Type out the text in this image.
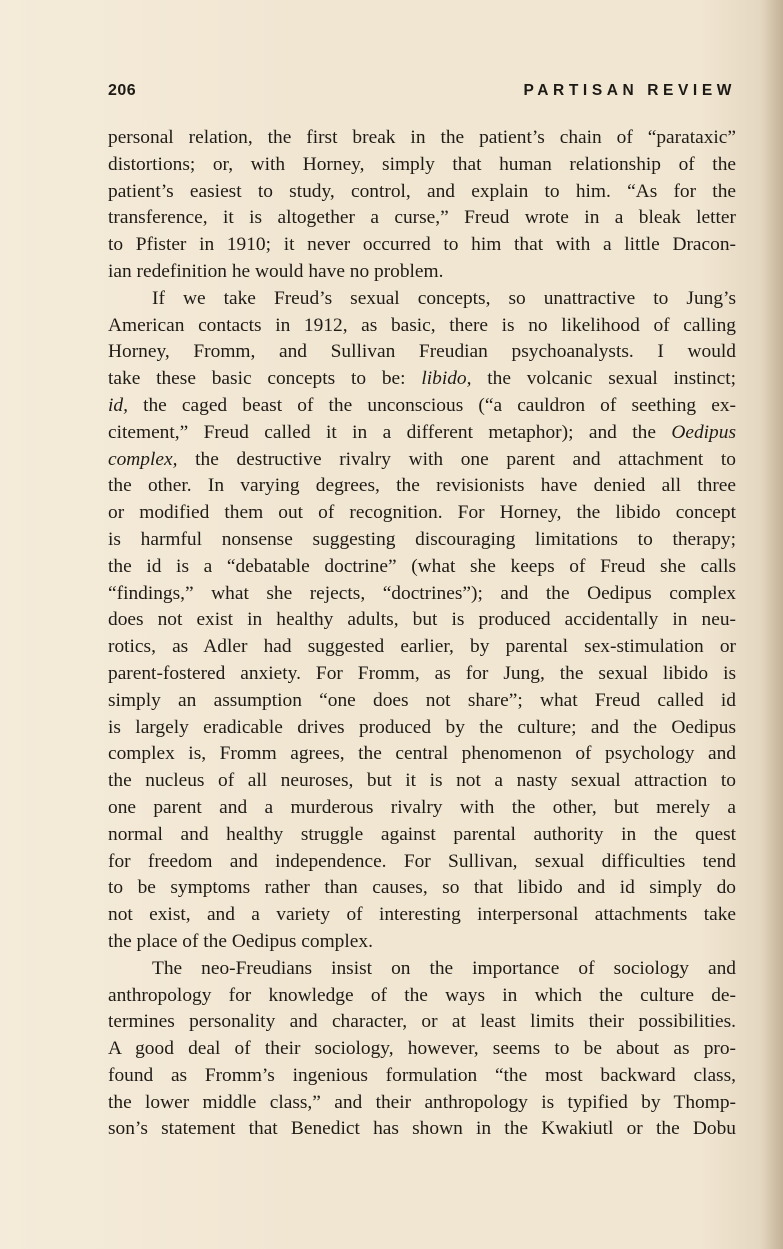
206	PARTISAN REVIEW
personal relation, the first break in the patient’s chain of “parataxic”
distortions; or, with Horney, simply that human relationship of the
patient’s easiest to study, control, and explain to him. “As for the
transference, it is altogether a curse,” Freud wrote in a bleak letter
to Pfister in 1910; it never occurred to him that with a little Dracon-
ian redefinition he would have no problem.
If we take Freud’s sexual concepts, so unattractive to Jung’s
American contacts in 1912, as basic, there is no likelihood of calling
Horney, Fromm, and Sullivan Freudian psychoanalysts. I would
take these basic concepts to be: libido, the volcanic sexual instinct;
id, the caged beast of the unconscious (“a cauldron of seething ex-
citement,” Freud called it in a different metaphor); and the Oedipus
complex, the destructive rivalry with one parent and attachment to
the other. In varying degrees, the revisionists have denied all three
or modified them out of recognition. For Horney, the libido concept
is harmful nonsense suggesting discouraging limitations to therapy;
the id is a “debatable doctrine” (what she keeps of Freud she calls
“findings,” what she rejects, “doctrines”); and the Oedipus complex
does not exist in healthy adults, but is produced accidentally in neu-
rotics, as Adler had suggested earlier, by parental sex-stimulation or
parent-fostered anxiety. For Fromm, as for Jung, the sexual libido is
simply an assumption “one does not share”; what Freud called id
is largely eradicable drives produced by the culture; and the Oedipus
complex is, Fromm agrees, the central phenomenon of psychology and
the nucleus of all neuroses, but it is not a nasty sexual attraction to
one parent and a murderous rivalry with the other, but merely a
normal and healthy struggle against parental authority in the quest
for freedom and independence. For Sullivan, sexual difficulties tend
to be symptoms rather than causes, so that libido and id simply do
not exist, and a variety of interesting interpersonal attachments take
the place of the Oedipus complex.
The neo-Freudians insist on the importance of sociology and
anthropology for knowledge of the ways in which the culture de-
termines personality and character, or at least limits their possibilities.
A good deal of their sociology, however, seems to be about as pro-
found as Fromm’s ingenious formulation “the most backward class,
the lower middle class,” and their anthropology is typified by Thomp-
son’s statement that Benedict has shown in the Kwakiutl or the Dobu
